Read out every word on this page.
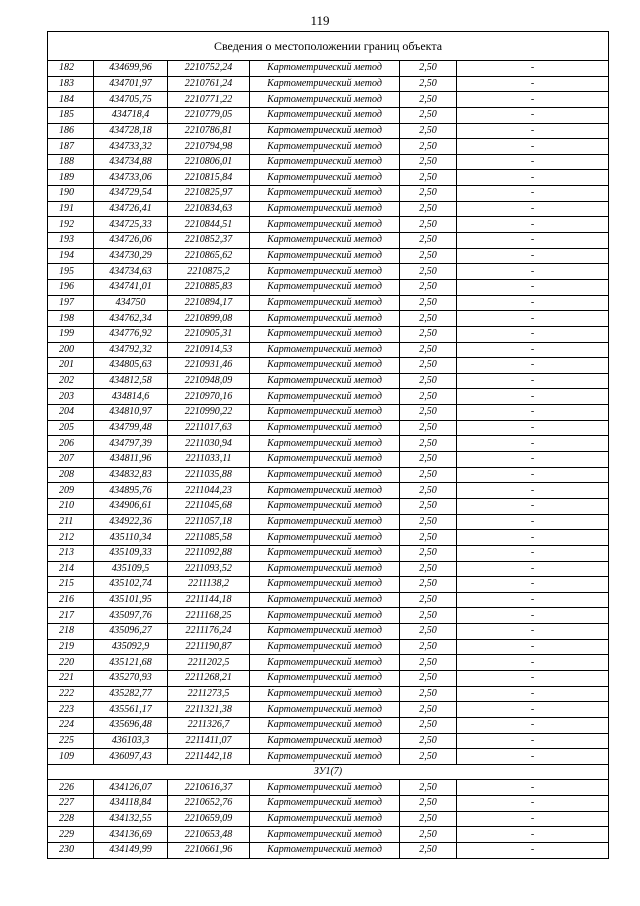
119
Сведения о местоположении границ объекта					
182	434699,96	2210752,24	Картометрический метод	2,50	-
183	434701,97	2210761,24	Картометрический метод	2,50	-
184	434705,75	2210771,22	Картометрический метод	2,50	-
185	434718,4	2210779,05	Картометрический метод	2,50	-
186	434728,18	2210786,81	Картометрический метод	2,50	-
187	434733,32	2210794,98	Картометрический метод	2,50	-
188	434734,88	2210806,01	Картометрический метод	2,50	-
189	434733,06	2210815,84	Картометрический метод	2,50	-
190	434729,54	2210825,97	Картометрический метод	2,50	-
191	434726,41	2210834,63	Картометрический метод	2,50	-
192	434725,33	2210844,51	Картометрический метод	2,50	-
193	434726,06	2210852,37	Картометрический метод	2,50	-
194	434730,29	2210865,62	Картометрический метод	2,50	-
195	434734,63	2210875,2	Картометрический метод	2,50	-
196	434741,01	2210885,83	Картометрический метод	2,50	-
197	434750	2210894,17	Картометрический метод	2,50	-
198	434762,34	2210899,08	Картометрический метод	2,50	-
199	434776,92	2210905,31	Картометрический метод	2,50	-
200	434792,32	2210914,53	Картометрический метод	2,50	-
201	434805,63	2210931,46	Картометрический метод	2,50	-
202	434812,58	2210948,09	Картометрический метод	2,50	-
203	434814,6	2210970,16	Картометрический метод	2,50	-
204	434810,97	2210990,22	Картометрический метод	2,50	-
205	434799,48	2211017,63	Картометрический метод	2,50	-
206	434797,39	2211030,94	Картометрический метод	2,50	-
207	434811,96	2211033,11	Картометрический метод	2,50	-
208	434832,83	2211035,88	Картометрический метод	2,50	-
209	434895,76	2211044,23	Картометрический метод	2,50	-
210	434906,61	2211045,68	Картометрический метод	2,50	-
211	434922,36	2211057,18	Картометрический метод	2,50	-
212	435110,34	2211085,58	Картометрический метод	2,50	-
213	435109,33	2211092,88	Картометрический метод	2,50	-
214	435109,5	2211093,52	Картометрический метод	2,50	-
215	435102,74	2211138,2	Картометрический метод	2,50	-
216	435101,95	2211144,18	Картометрический метод	2,50	-
217	435097,76	2211168,25	Картометрический метод	2,50	-
218	435096,27	2211176,24	Картометрический метод	2,50	-
219	435092,9	2211190,87	Картометрический метод	2,50	-
220	435121,68	2211202,5	Картометрический метод	2,50	-
221	435270,93	2211268,21	Картометрический метод	2,50	-
222	435282,77	2211273,5	Картометрический метод	2,50	-
223	435561,17	2211321,38	Картометрический метод	2,50	-
224	435696,48	2211326,7	Картометрический метод	2,50	-
225	436103,3	2211411,07	Картометрический метод	2,50	-
109	436097,43	2211442,18	Картометрический метод	2,50	-
ЗУ1(7)					
226	434126,07	2210616,37	Картометрический метод	2,50	-
227	434118,84	2210652,76	Картометрический метод	2,50	-
228	434132,55	2210659,09	Картометрический метод	2,50	-
229	434136,69	2210653,48	Картометрический метод	2,50	-
230	434149,99	2210661,96	Картометрический метод	2,50	-
